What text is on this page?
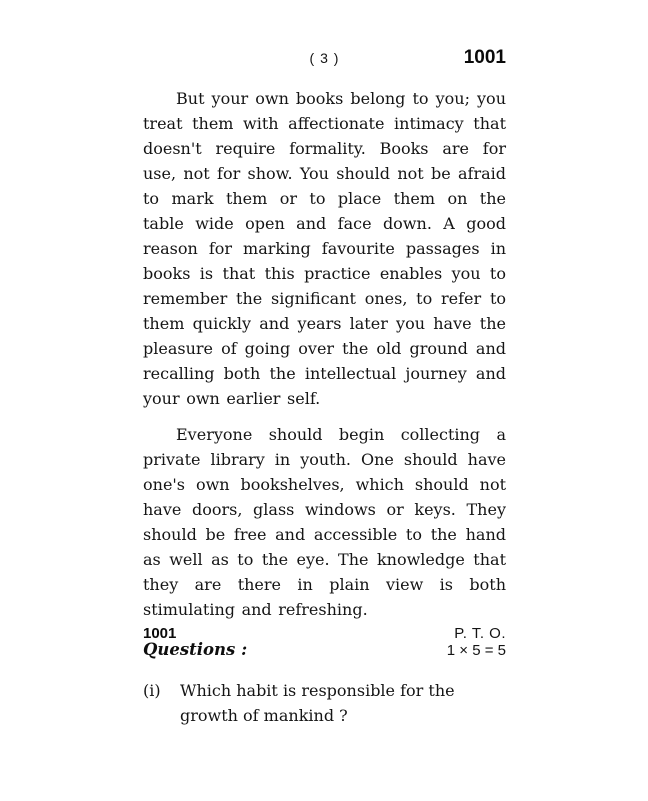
( 3 )	1001

But your own books belong to you; you treat them with affectionate intimacy that doesn't require formality. Books are for use, not for show. You should not be afraid to mark them or to place them on the table wide open and face down. A good reason for marking favourite passages in books is that this practice enables you to remember the significant ones, to refer to them quickly and years later you have the pleasure of going over the old ground and recalling both the intellectual journey and your own earlier self.

Everyone should begin collecting a private library in youth. One should have one's own bookshelves, which should not have doors, glass windows or keys. They should be free and accessible to the hand as well as to the eye. The knowledge that they are there in plain view is both stimulating and refreshing.

Questions :	1 × 5 = 5
(i)	Which habit is responsible for the growth of mankind ?
1001	P. T. O.
